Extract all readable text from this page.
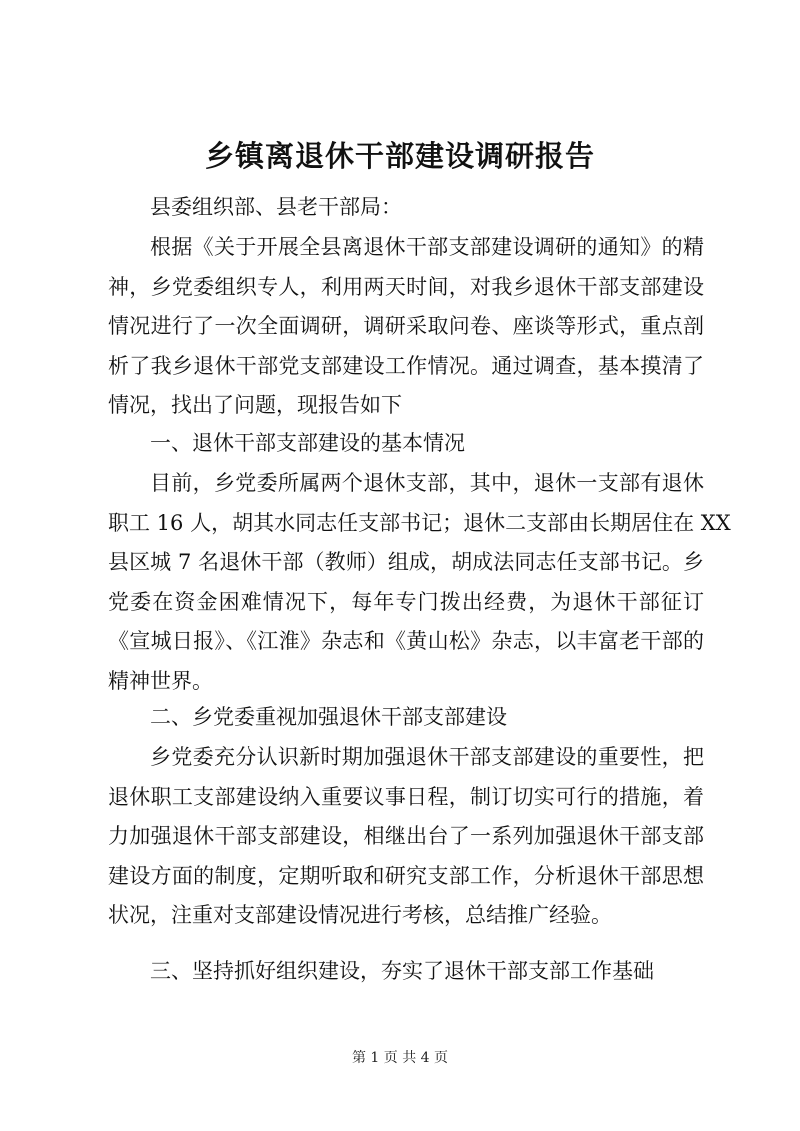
乡镇离退休干部建设调研报告
县委组织部、县老干部局：
根据《关于开展全县离退休干部支部建设调研的通知》的精
神，乡党委组织专人，利用两天时间，对我乡退休干部支部建设
情况进行了一次全面调研，调研采取问卷、座谈等形式，重点剖
析了我乡退休干部党支部建设工作情况。通过调查，基本摸清了
情况，找出了问题，现报告如下
一、退休干部支部建设的基本情况
目前，乡党委所属两个退休支部，其中，退休一支部有退休
职工 16 人，胡其水同志任支部书记；退休二支部由长期居住在 XX
县区城 7 名退休干部（教师）组成，胡成法同志任支部书记。乡
党委在资金困难情况下，每年专门拨出经费，为退休干部征订
《宣城日报》、《江淮》杂志和《黄山松》杂志，以丰富老干部的
精神世界。
二、乡党委重视加强退休干部支部建设
乡党委充分认识新时期加强退休干部支部建设的重要性，把
退休职工支部建设纳入重要议事日程，制订切实可行的措施，着
力加强退休干部支部建设，相继出台了一系列加强退休干部支部
建设方面的制度，定期听取和研究支部工作，分析退休干部思想
状况，注重对支部建设情况进行考核，总结推广经验。
三、坚持抓好组织建设，夯实了退休干部支部工作基础
第 1 页 共 4 页
